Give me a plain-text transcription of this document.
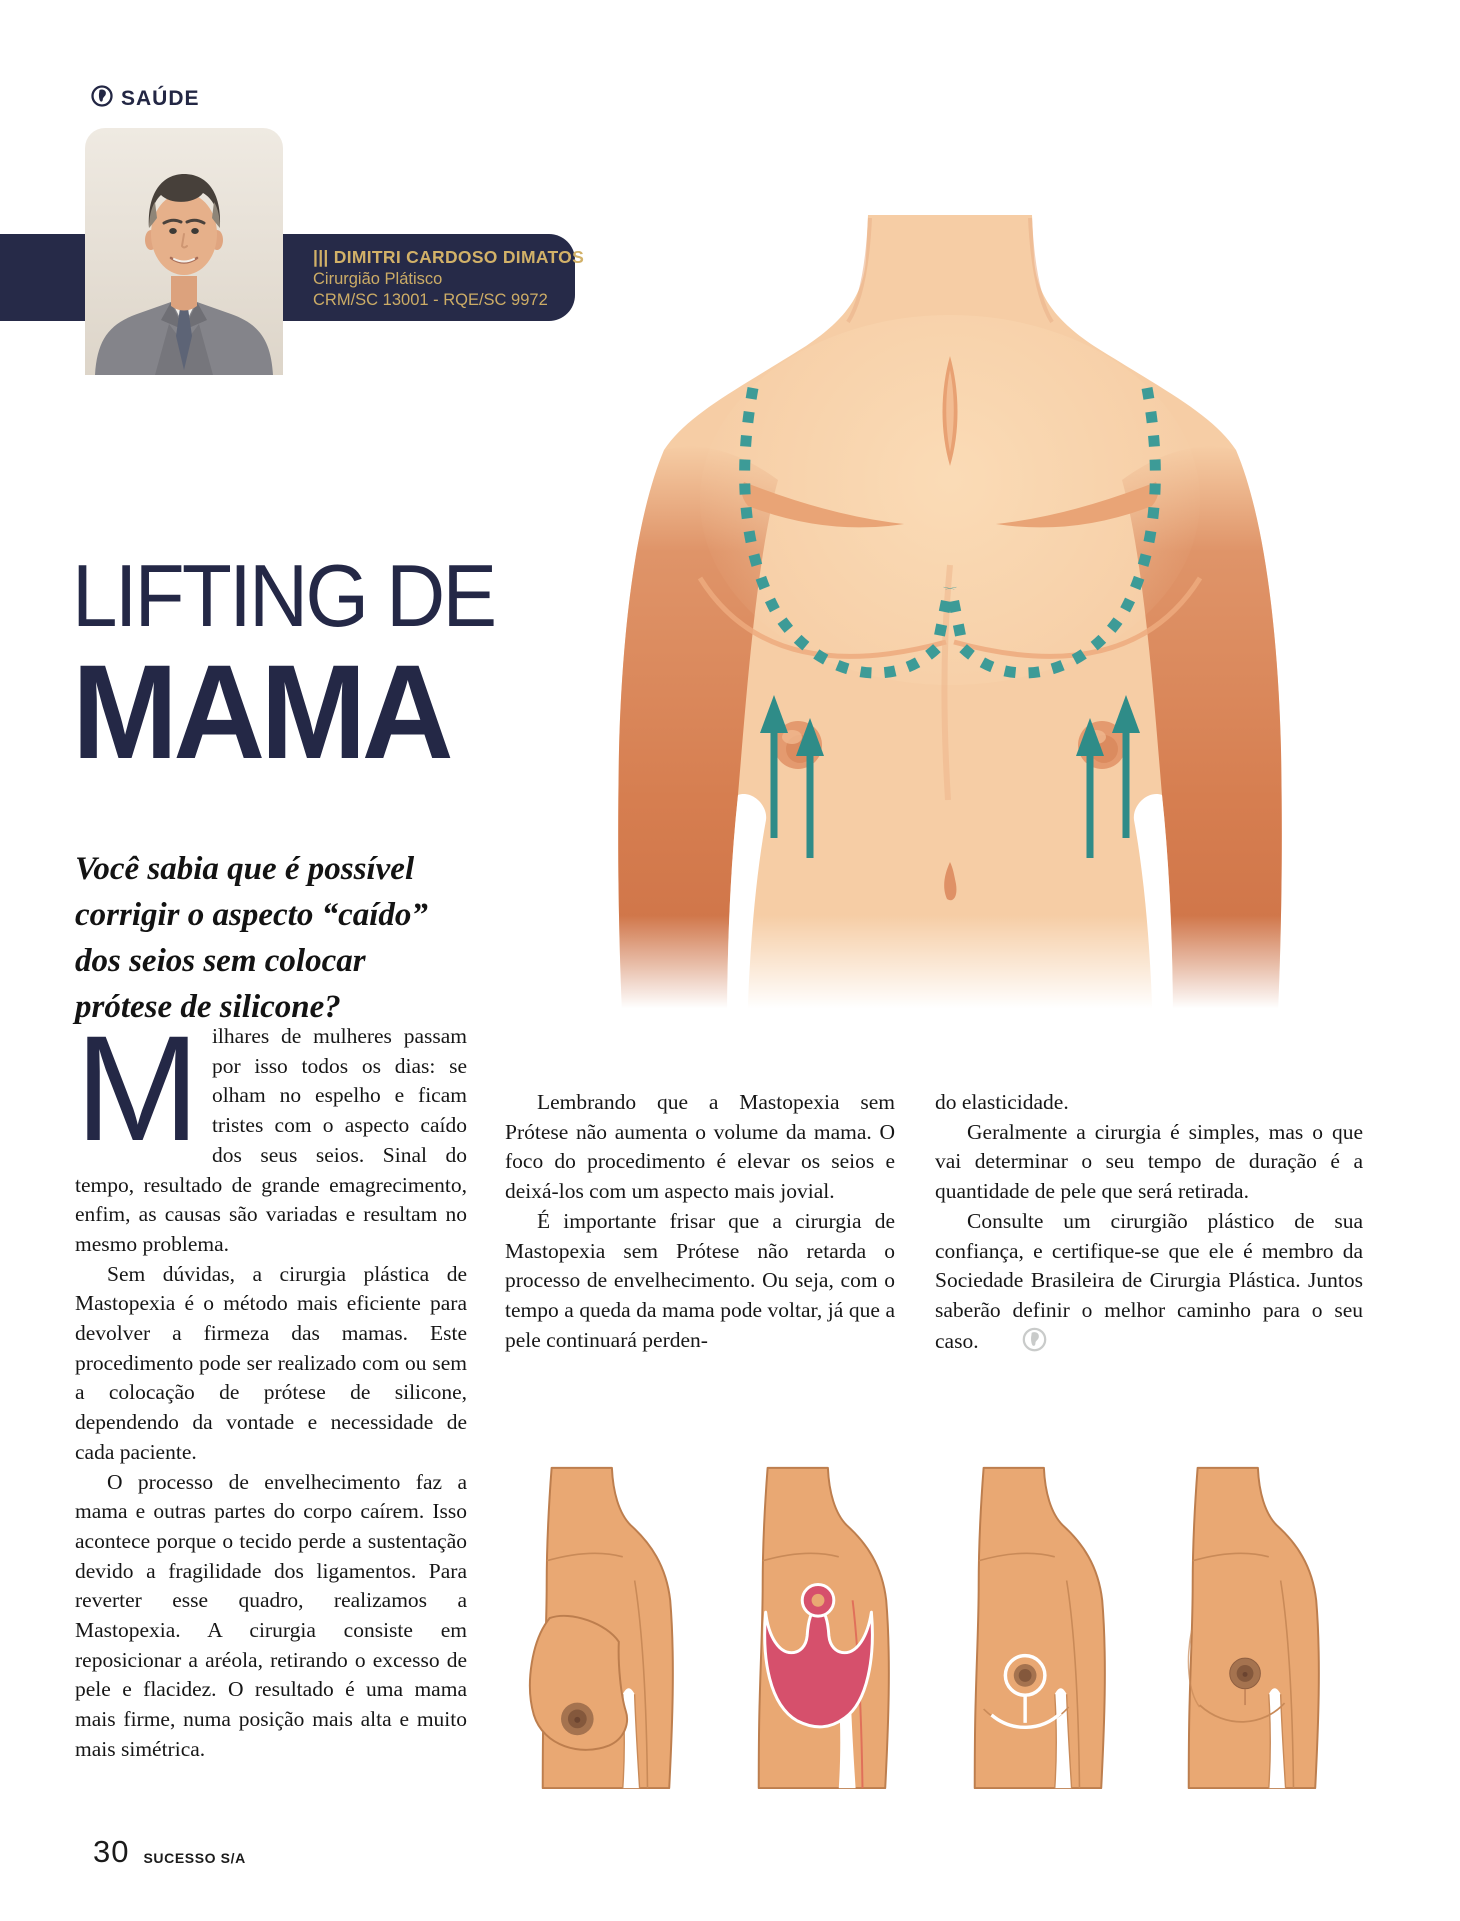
SAÚDE
||| DIMITRI CARDOSO DIMATOS
Cirurgião Plátisco
CRM/SC 13001 - RQE/SC 9972
LIFTING DE
MAMA
Você sabia que é possível
corrigir o aspecto “caído”
dos seios sem colocar
prótese de silicone?

Milhares de mulheres passam por isso todos os dias: se olham no espelho e ficam tristes com o aspecto caído dos seus seios. Sinal do tempo, resultado de grande emagrecimento, enfim, as causas são variadas e resultam no mesmo problema.

Sem dúvidas, a cirurgia plástica de Mastopexia é o método mais eficiente para devolver a firmeza das mamas. Este procedimento pode ser realizado com ou sem a colocação de prótese de silicone, dependendo da vontade e necessidade de cada paciente.

O processo de envelhecimento faz a mama e outras partes do corpo caírem. Isso acontece porque o tecido perde a sustentação devido a fragilidade dos ligamentos. Para reverter esse quadro, realizamos a Mastopexia. A cirurgia consiste em reposicionar a aréola, retirando o excesso de pele e flacidez. O resultado é uma mama mais firme, numa posição mais alta e muito mais simétrica.

Lembrando que a Mastopexia sem Prótese não aumenta o volume da mama. O foco do procedimento é elevar os seios e deixá-los com um aspecto mais jovial.

É importante frisar que a cirurgia de Mastopexia sem Prótese não retarda o processo de envelhecimento. Ou seja, com o tempo a queda da mama pode voltar, já que a pele continuará perden-

do elasticidade.

Geralmente a cirurgia é simples, mas o que vai determinar o seu tempo de duração é a quantidade de pele que será retirada.

Consulte um cirurgião plástico de sua confiança, e certifique-se que ele é membro da Sociedade Brasileira de Cirurgia Plástica. Juntos saberão definir o melhor caminho para o seu caso.

30 SUCESSO S/A
